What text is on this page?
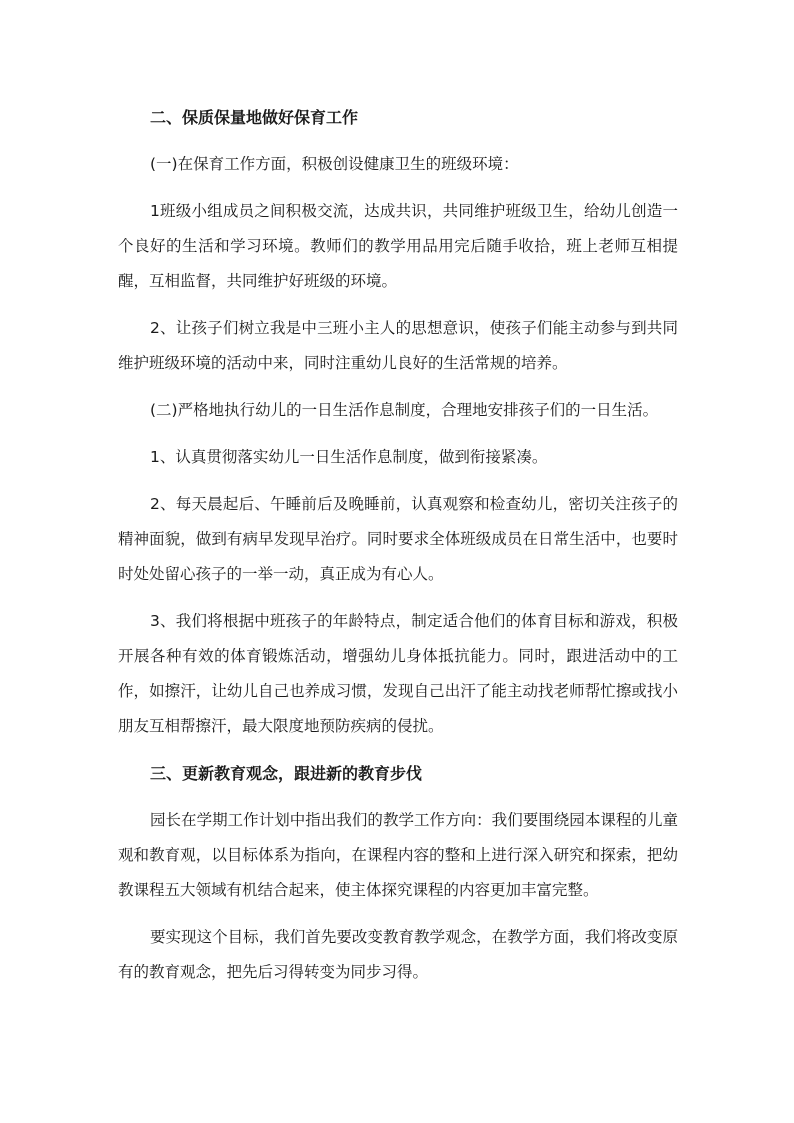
二、保质保量地做好保育工作

(一)在保育工作方面，积极创设健康卫生的班级环境：

1班级小组成员之间积极交流，达成共识，共同维护班级卫生，给幼儿创造一个良好的生活和学习环境。教师们的教学用品用完后随手收拾，班上老师互相提醒，互相监督，共同维护好班级的环境。

2、让孩子们树立我是中三班小主人的思想意识，使孩子们能主动参与到共同维护班级环境的活动中来，同时注重幼儿良好的生活常规的培养。

(二)严格地执行幼儿的一日生活作息制度，合理地安排孩子们的一日生活。

1、认真贯彻落实幼儿一日生活作息制度，做到衔接紧凑。

2、每天晨起后、午睡前后及晚睡前，认真观察和检查幼儿，密切关注孩子的精神面貌，做到有病早发现早治疗。同时要求全体班级成员在日常生活中，也要时时处处留心孩子的一举一动，真正成为有心人。

3、我们将根据中班孩子的年龄特点，制定适合他们的体育目标和游戏，积极开展各种有效的体育锻炼活动，增强幼儿身体抵抗能力。同时，跟进活动中的工作，如擦汗，让幼儿自己也养成习惯，发现自己出汗了能主动找老师帮忙擦或找小朋友互相帮擦汗，最大限度地预防疾病的侵扰。

三、更新教育观念，跟进新的教育步伐

园长在学期工作计划中指出我们的教学工作方向：我们要围绕园本课程的儿童观和教育观，以目标体系为指向，在课程内容的整和上进行深入研究和探索，把幼教课程五大领域有机结合起来，使主体探究课程的内容更加丰富完整。

要实现这个目标，我们首先要改变教育教学观念，在教学方面，我们将改变原有的教育观念，把先后习得转变为同步习得。
